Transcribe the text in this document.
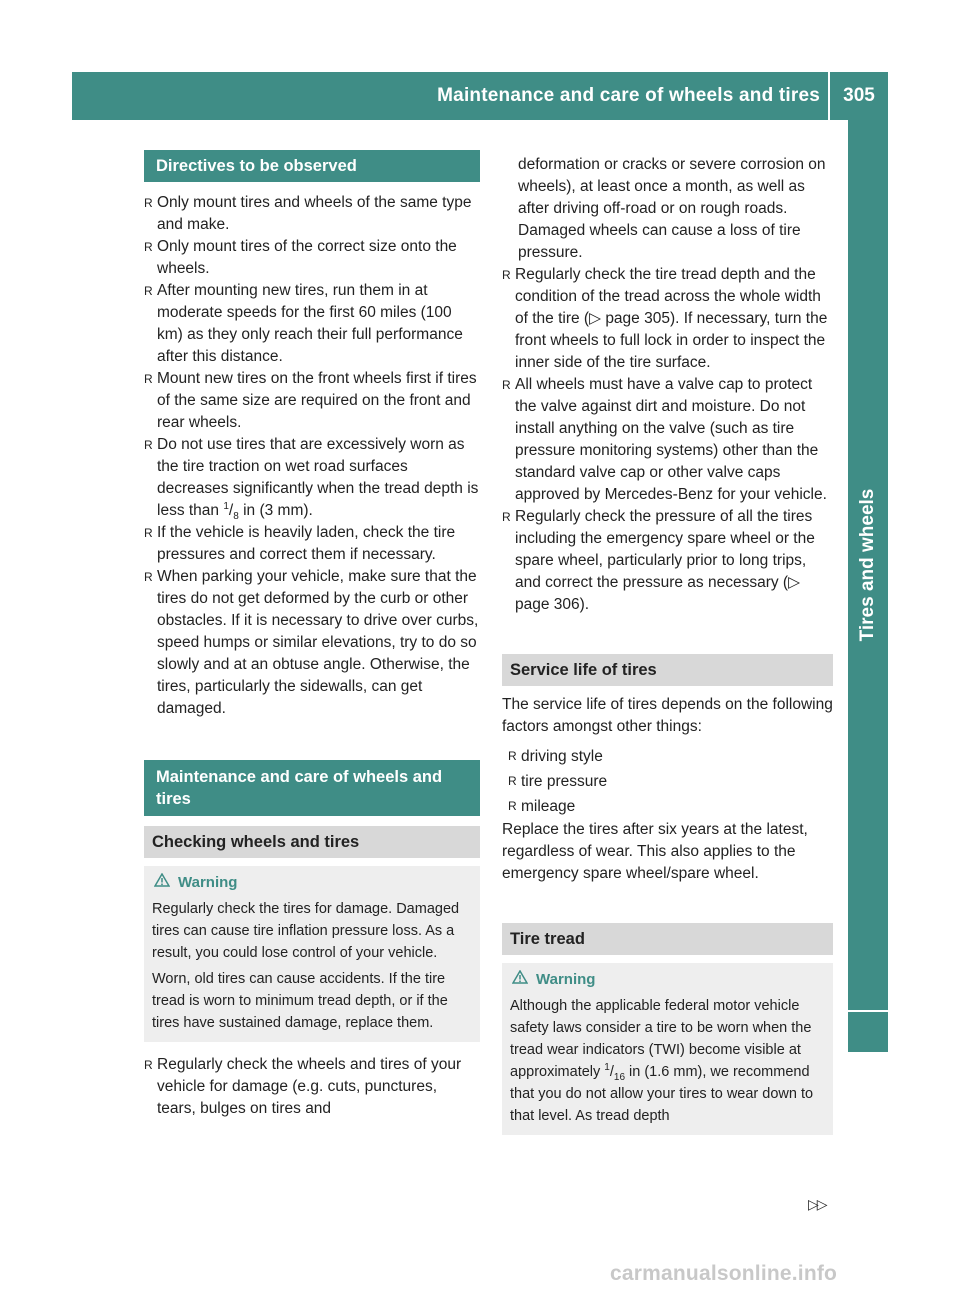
Maintenance and care of wheels and tires	305
Tires and wheels
Directives to be observed
R Only mount tires and wheels of the same type and make.
R Only mount tires of the correct size onto the wheels.
R After mounting new tires, run them in at moderate speeds for the first 60 miles (100 km) as they only reach their full performance after this distance.
R Mount new tires on the front wheels first if tires of the same size are required on the front and rear wheels.
R Do not use tires that are excessively worn as the tire traction on wet road surfaces decreases significantly when the tread depth is less than $^1/_8$ in (3 mm).
R If the vehicle is heavily laden, check the tire pressures and correct them if necessary.
R When parking your vehicle, make sure that the tires do not get deformed by the curb or other obstacles. If it is necessary to drive over curbs, speed humps or similar elevations, try to do so slowly and at an obtuse angle. Otherwise, the tires, particularly the sidewalls, can get damaged.
Maintenance and care of wheels and tires
Checking wheels and tires
Warning

Regularly check the tires for damage. Damaged tires can cause tire inflation pressure loss. As a result, you could lose control of your vehicle.

Worn, old tires can cause accidents. If the tire tread is worn to minimum tread depth, or if the tires have sustained damage, replace them.

R Regularly check the wheels and tires of your vehicle for damage (e.g. cuts, punctures, tears, bulges on tires and

deformation or cracks or severe corrosion on wheels), at least once a month, as well as after driving off-road or on rough roads. Damaged wheels can cause a loss of tire pressure.

R Regularly check the tire tread depth and the condition of the tread across the whole width of the tire (▷ page 305). If necessary, turn the front wheels to full lock in order to inspect the inner side of the tire surface.
R All wheels must have a valve cap to protect the valve against dirt and moisture. Do not install anything on the valve (such as tire pressure monitoring systems) other than the standard valve cap or other valve caps approved by Mercedes-Benz for your vehicle.
R Regularly check the pressure of all the tires including the emergency spare wheel or the spare wheel, particularly prior to long trips, and correct the pressure as necessary (▷ page 306).
Service life of tires

The service life of tires depends on the following factors amongst other things:

R driving style
R tire pressure
R mileage

Replace the tires after six years at the latest, regardless of wear. This also applies to the emergency spare wheel/spare wheel.

Tire tread
Warning

Although the applicable federal motor vehicle safety laws consider a tire to be worn when the tread wear indicators (TWI) become visible at approximately $^1/_{16}$ in (1.6 mm), we recommend that you do not allow your tires to wear down to that level. As tread depth

▷▷
carmanualsonline.info
